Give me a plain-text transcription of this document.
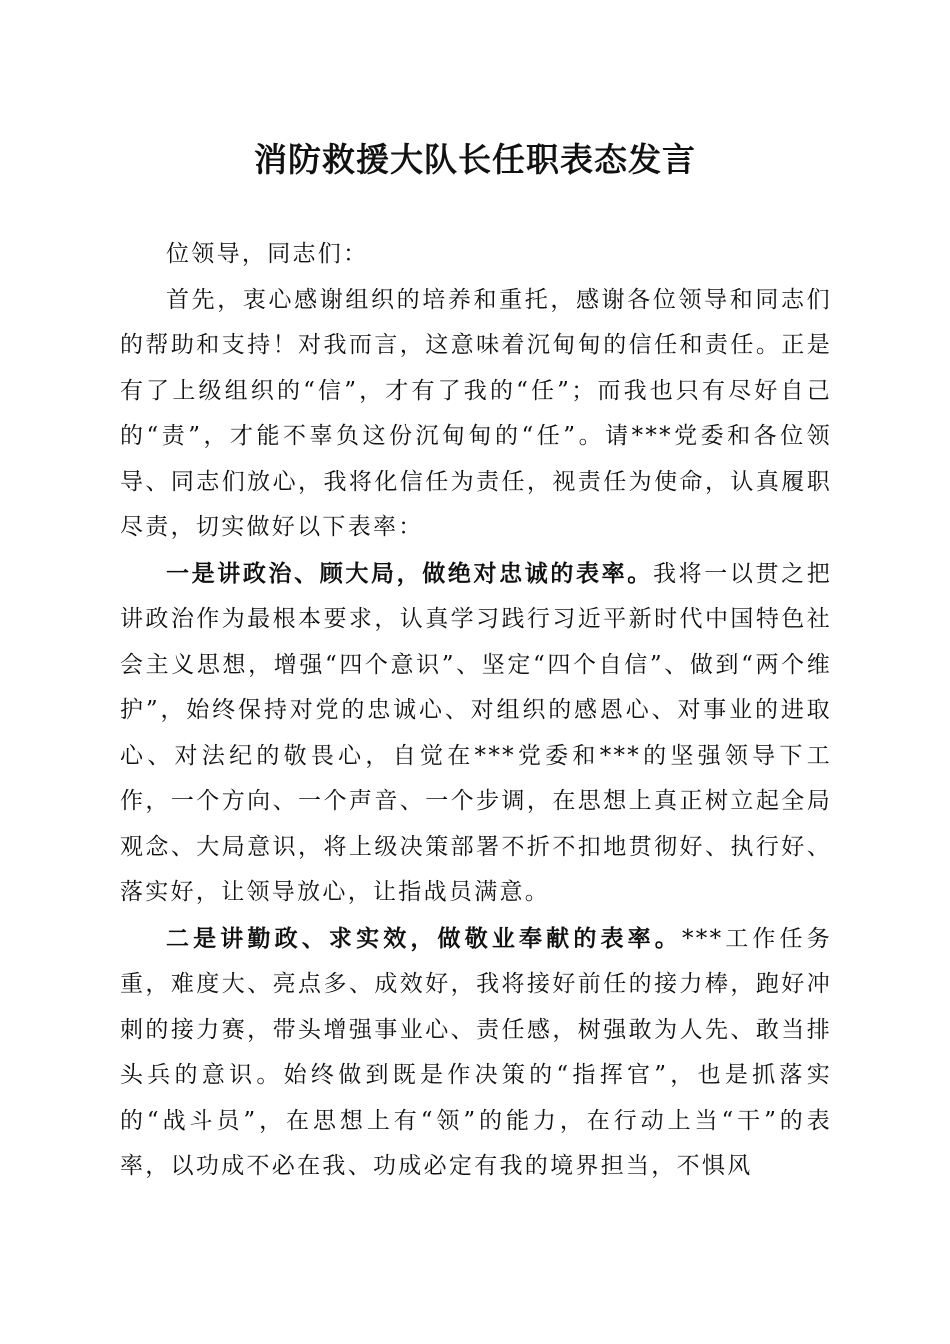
消防救援大队长任职表态发言

位领导，同志们：

首先，衷心感谢组织的培养和重托，感谢各位领导和同志们的帮助和支持！对我而言，这意味着沉甸甸的信任和责任。正是有了上级组织的“信”，才有了我的“任”；而我也只有尽好自己的“责”，才能不辜负这份沉甸甸的“任”。请***党委和各位领导、同志们放心，我将化信任为责任，视责任为使命，认真履职尽责，切实做好以下表率：

一是讲政治、顾大局，做绝对忠诚的表率。我将一以贯之把讲政治作为最根本要求，认真学习践行习近平新时代中国特色社会主义思想，增强“四个意识”、坚定“四个自信”、做到“两个维护”，始终保持对党的忠诚心、对组织的感恩心、对事业的进取心、对法纪的敬畏心，自觉在***党委和***的坚强领导下工作，一个方向、一个声音、一个步调，在思想上真正树立起全局观念、大局意识，将上级决策部署不折不扣地贯彻好、执行好、落实好，让领导放心，让指战员满意。

二是讲勤政、求实效，做敬业奉献的表率。***工作任务重，难度大、亮点多、成效好，我将接好前任的接力棒，跑好冲刺的接力赛，带头增强事业心、责任感，树强敢为人先、敢当排头兵的意识。始终做到既是作决策的“指挥官”，也是抓落实的“战斗员”，在思想上有“领”的能力，在行动上当“干”的表率，以功成不必在我、功成必定有我的境界担当，不惧风
